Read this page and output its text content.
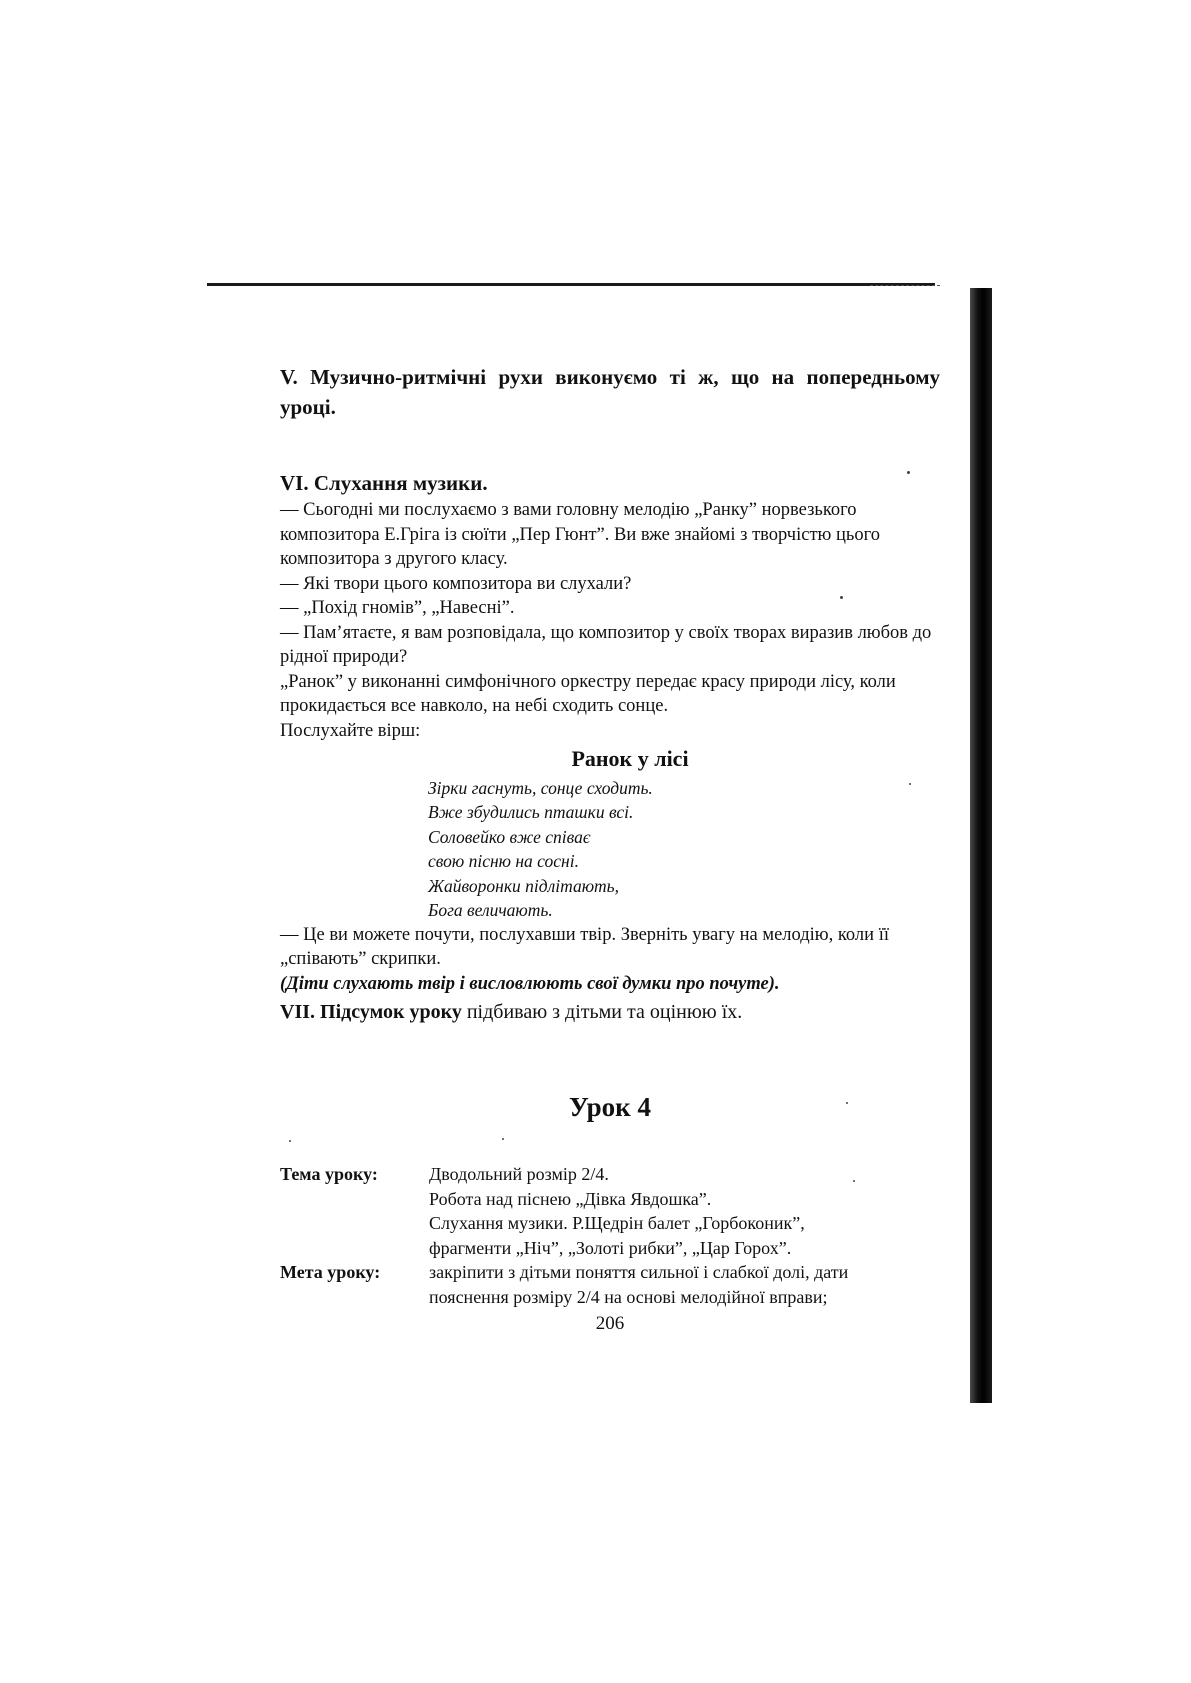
V. Музично-ритмічні рухи виконуємо ті ж, що на попередньому уроці.

VI. Слухання музики.

— Сьогодні ми послухаємо з вами головну мелодію „Ранку” норвезького композитора Е.Гріга із сюїти „Пер Гюнт”. Ви вже знайомі з творчістю цього композитора з другого класу.

— Які твори цього композитора ви слухали?

— „Похід гномів”, „Навесні”.

— Пам’ятаєте, я вам розповідала, що композитор у своїх творах виразив любов до рідної природи?

„Ранок” у виконанні симфонічного оркестру передає красу природи лісу, коли прокидається все навколо, на небі сходить сонце.

Послухайте вірш:

Ранок у лісі
Зірки гаснуть, сонце сходить.
Вже збудились пташки всі.
Соловейко вже співає
свою пісню на сосні.
Жайворонки підлітають,
Бога величають.

— Це ви можете почути, послухавши твір. Зверніть увагу на мелодію, коли її „співають” скрипки.

(Діти слухають твір і висловлюють свої думки про почуте).

VII. Підсумок уроку підбиваю з дітьми та оцінюю їх.

Урок 4
Тема уроку:	Дводольний розмір 2/4.
Робота над піснею „Дівка Явдошка”.
Слухання музики. Р.Щедрін балет „Горбоконик”,
фрагменти „Ніч”, „Золоті рибки”, „Цар Горох”.
Мета уроку:	закріпити з дітьми поняття сильної і слабкої долі, дати
пояснення розміру 2/4 на основі мелодійної вправи;
206
